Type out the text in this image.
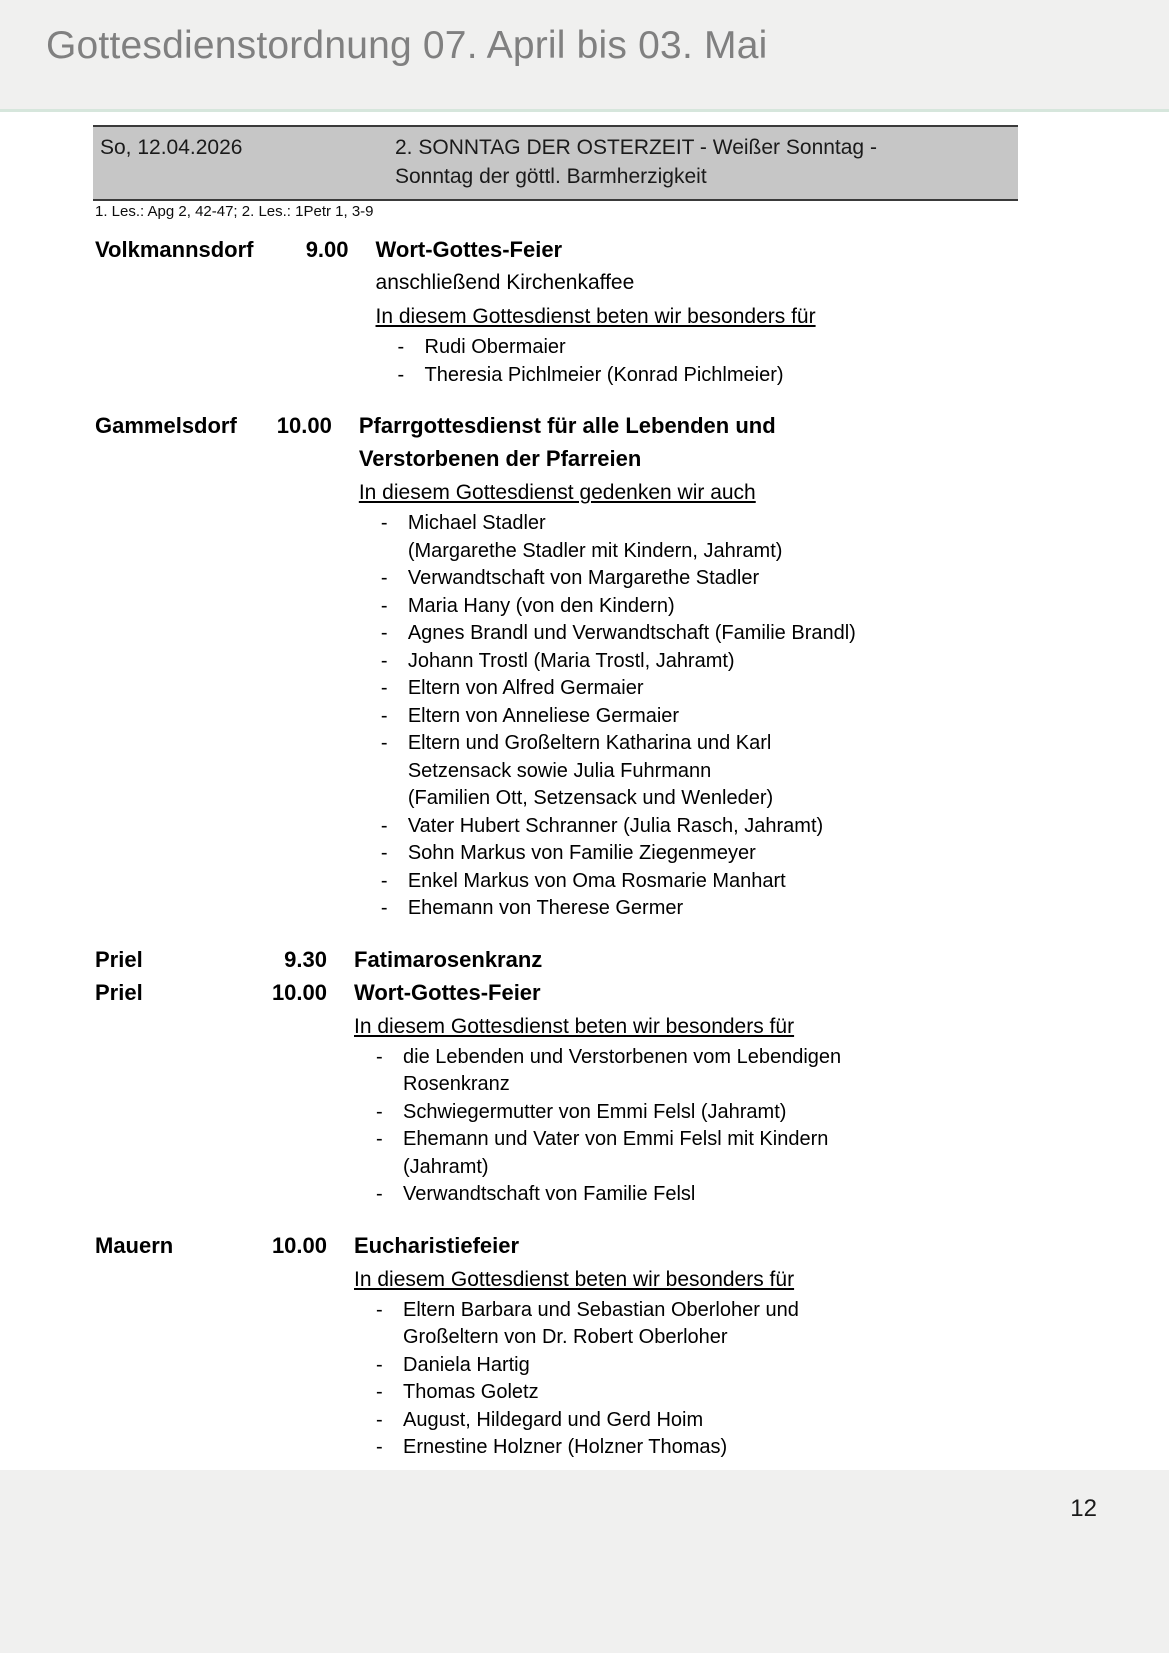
Gottesdienstordnung 07. April bis 03. Mai
So, 12.04.2026	2. SONNTAG DER OSTERZEIT - Weißer Sonntag -
Sonntag der göttl. Barmherzigkeit
1. Les.: Apg 2, 42-47; 2. Les.: 1Petr 1, 3-9
Volkmannsdorf	9.00 Wort-Gottes-Feier
anschließend Kirchenkaffee
In diesem Gottesdienst beten wir besonders für
- Rudi Obermaier
- Theresia Pichlmeier (Konrad Pichlmeier)
Gammelsdorf	10.00 Pfarrgottesdienst für alle Lebenden und Verstorbenen der Pfarreien
In diesem Gottesdienst gedenken wir auch
- Michael Stadler
(Margarethe Stadler mit Kindern, Jahramt)
- Verwandtschaft von Margarethe Stadler
- Maria Hany (von den Kindern)
- Agnes Brandl und Verwandtschaft (Familie Brandl)
- Johann Trostl (Maria Trostl, Jahramt)
- Eltern von Alfred Germaier
- Eltern von Anneliese Germaier
- Eltern und Großeltern Katharina und Karl
Setzensack sowie Julia Fuhrmann
(Familien Ott, Setzensack und Wenleder)
- Vater Hubert Schranner (Julia Rasch, Jahramt)
- Sohn Markus von Familie Ziegenmeyer
- Enkel Markus von Oma Rosmarie Manhart
- Ehemann von Therese Germer
Priel	9.30 Fatimarosenkranz
Priel	10.00 Wort-Gottes-Feier
In diesem Gottesdienst beten wir besonders für
- die Lebenden und Verstorbenen vom Lebendigen
Rosenkranz
- Schwiegermutter von Emmi Felsl (Jahramt)
- Ehemann und Vater von Emmi Felsl mit Kindern
(Jahramt)
- Verwandtschaft von Familie Felsl
Mauern	10.00 Eucharistiefeier
In diesem Gottesdienst beten wir besonders für
- Eltern Barbara und Sebastian Oberloher und
Großeltern von Dr. Robert Oberloher
- Daniela Hartig
- Thomas Goletz
- August, Hildegard und Gerd Hoim
- Ernestine Holzner (Holzner Thomas)
12
